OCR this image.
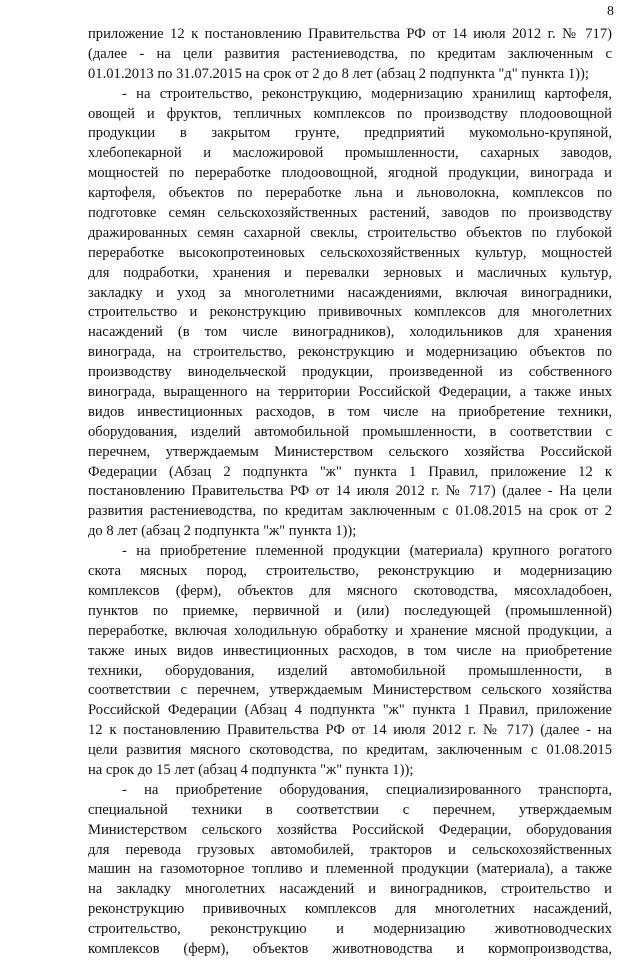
8
приложение 12 к постановлению Правительства РФ от 14 июля 2012 г. № 717)
(далее - на цели развития растениеводства, по кредитам заключенным с
01.01.2013 по 31.07.2015 на срок от 2 до 8 лет (абзац 2 подпункта "д" пункта 1));
- на строительство, реконструкцию, модернизацию хранилищ картофеля,
овощей и фруктов, тепличных комплексов по производству плодоовощной
продукции в закрытом грунте, предприятий мукомольно-крупяной,
хлебопекарной и масложировой промышленности, сахарных заводов,
мощностей по переработке плодоовощной, ягодной продукции, винограда и
картофеля, объектов по переработке льна и льноволокна, комплексов по
подготовке семян сельскохозяйственных растений, заводов по производству
дражированных семян сахарной свеклы, строительство объектов по глубокой
переработке высокопротеиновых сельскохозяйственных культур, мощностей
для подработки, хранения и перевалки зерновых и масличных культур,
закладку и уход за многолетними насаждениями, включая виноградники,
строительство и реконструкцию прививочных комплексов для многолетних
насаждений (в том числе виноградников), холодильников для хранения
винограда, на строительство, реконструкцию и модернизацию объектов по
производству винодельческой продукции, произведенной из собственного
винограда, выращенного на территории Российской Федерации, а также иных
видов инвестиционных расходов, в том числе на приобретение техники,
оборудования, изделий автомобильной промышленности, в соответствии с
перечнем, утверждаемым Министерством сельского хозяйства Российской
Федерации (Абзац 2 подпункта "ж" пункта 1 Правил, приложение 12 к
постановлению Правительства РФ от 14 июля 2012 г. № 717) (далее - На цели
развития растениеводства, по кредитам заключенным с 01.08.2015 на срок от 2
до 8 лет (абзац 2 подпункта "ж" пункта 1));
- на приобретение племенной продукции (материала) крупного рогатого
скота мясных пород, строительство, реконструкцию и модернизацию
комплексов (ферм), объектов для мясного скотоводства, мясохладобоен,
пунктов по приемке, первичной и (или) последующей (промышленной)
переработке, включая холодильную обработку и хранение мясной продукции, а
также иных видов инвестиционных расходов, в том числе на приобретение
техники, оборудования, изделий автомобильной промышленности, в
соответствии с перечнем, утверждаемым Министерством сельского хозяйства
Российской Федерации (Абзац 4 подпункта "ж" пункта 1 Правил, приложение
12 к постановлению Правительства РФ от 14 июля 2012 г. № 717) (далее - на
цели развития мясного скотоводства, по кредитам, заключенным с 01.08.2015
на срок до 15 лет (абзац 4 подпункта "ж" пункта 1));
- на приобретение оборудования, специализированного транспорта,
специальной техники в соответствии с перечнем, утверждаемым
Министерством сельского хозяйства Российской Федерации, оборудования
для перевода грузовых автомобилей, тракторов и сельскохозяйственных
машин на газомоторное топливо и племенной продукции (материала), а также
на закладку многолетних насаждений и виноградников, строительство и
реконструкцию прививочных комплексов для многолетних насаждений,
строительство, реконструкцию и модернизацию животноводческих
комплексов (ферм), объектов животноводства и кормопроизводства,
